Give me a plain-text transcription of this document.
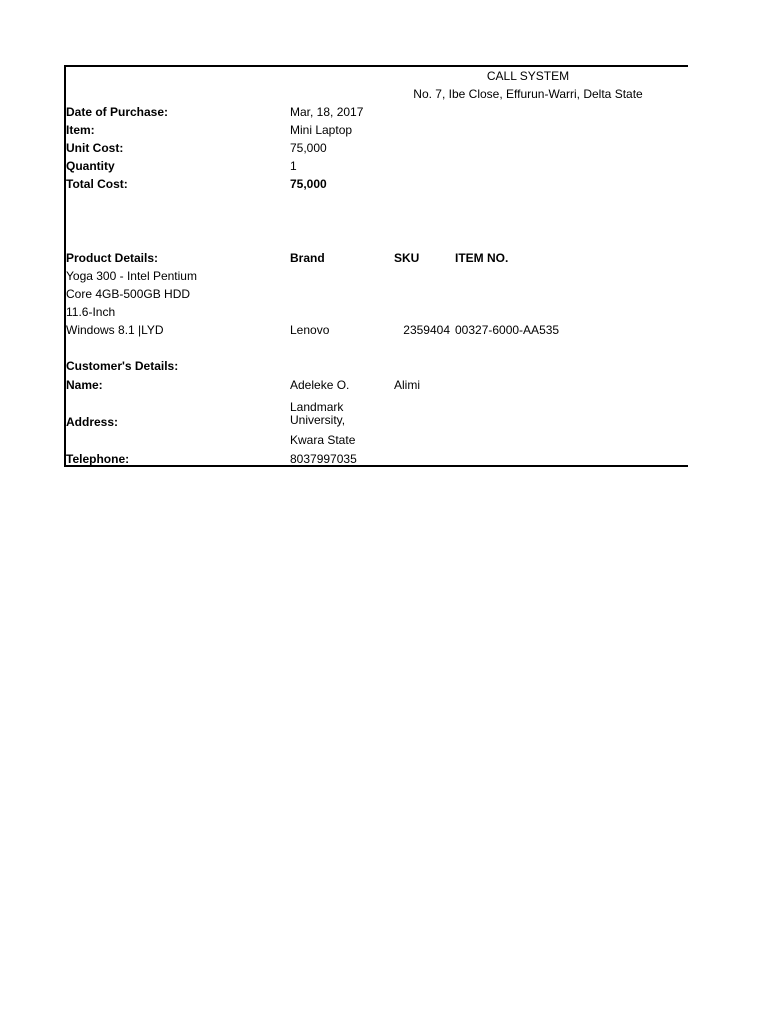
CALL SYSTEM
No. 7, Ibe Close, Effurun-Warri, Delta State
Date of Purchase:	Mar, 18, 2017
Item:	Mini Laptop
Unit Cost:	75,000
Quantity	1
Total Cost:	75,000
Product Details:	Brand	SKU	ITEM NO.
Yoga 300 - Intel Pentium
Core 4GB-500GB HDD
11.6-Inch
Windows 8.1 |LYD	Lenovo	2359404 00327-6000-AA535
Customer's Details:
Name:	Adeleke O.	Alimi
Address:
Landmark
University,
Kwara State
Telephone:	8037997035
